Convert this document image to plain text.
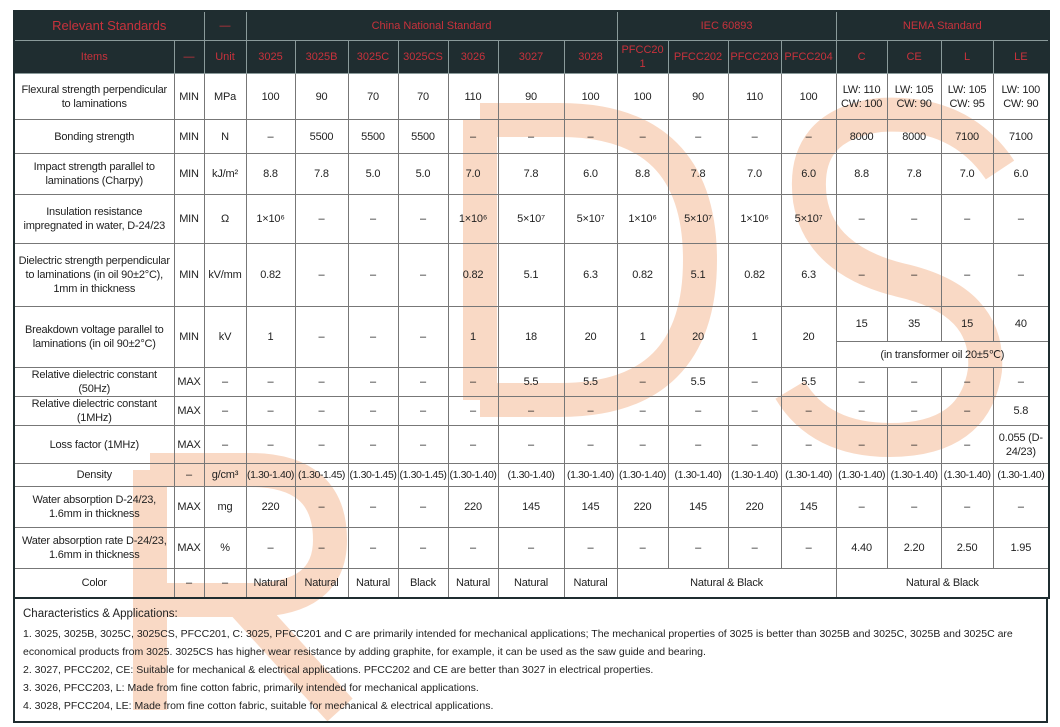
Relevant Standards		—	China National Standard							IEC 60893				NEMA Standard			
Items	—	Unit	3025	3025B	3025C	3025CS	3026	3027	3028	PFCC201	PFCC202	PFCC203	PFCC204	C	CE	L	LE
Flexural strength perpendicular to laminations	MIN	MPa	100	90	70	70	110	90	100	100	90	110	100	LW: 110 CW: 100	LW: 105 CW: 90	LW: 105 CW: 95	LW: 100 CW: 90
Bonding strength	MIN	N	–	5500	5500	5500	–	–	–	–	–	–	–	8000	8000	7100	7100
Impact strength parallel to laminations (Charpy)	MIN	kJ/m²	8.8	7.8	5.0	5.0	7.0	7.8	6.0	8.8	7.8	7.0	6.0	8.8	7.8	7.0	6.0
Insulation resistance impregnated in water, D-24/23	MIN	Ω	1×10⁶	–	–	–	1×10⁶	5×10⁷	5×10⁷	1×10⁶	5×10⁷	1×10⁶	5×10⁷	–	–	–	–
Dielectric strength perpendicular to laminations (in oil 90±2°C), 1mm in thickness	MIN	kV/mm	0.82	–	–	–	0.82	5.1	6.3	0.82	5.1	0.82	6.3	–	–	–	–
Breakdown voltage parallel to laminations (in oil 90±2°C)	MIN	kV	1	–	–	–	1	18	20	1	20	1	20	15	35	15	40
														(in transformer oil 20±5℃)			
Relative dielectric constant (50Hz)	MAX	–	–	–	–	–	–	5.5	5.5	–	5.5	–	5.5	–	–	–	–
Relative dielectric constant (1MHz)	MAX	–	–	–	–	–	–	–	–	–	–	–	–	–	–	–	5.8
Loss factor (1MHz)	MAX	–	–	–	–	–	–	–	–	–	–	–	–	–	–	–	0.055 (D-24/23)
Density	–	g/cm³	(1.30-1.40)	(1.30-1.45)	(1.30-1.45)	(1.30-1.45)	(1.30-1.40)	(1.30-1.40)	(1.30-1.40)	(1.30-1.40)	(1.30-1.40)	(1.30-1.40)	(1.30-1.40)	(1.30-1.40)	(1.30-1.40)	(1.30-1.40)	(1.30-1.40)
Water absorption D-24/23, 1.6mm in thickness	MAX	mg	220	–	–	–	220	145	145	220	145	220	145	–	–	–	–
Water absorption rate D-24/23, 1.6mm in thickness	MAX	%	–	–	–	–	–	–	–	–	–	–	–	4.40	2.20	2.50	1.95
Color	–	–	Natural	Natural	Natural	Black	Natural	Natural	Natural	Natural & Black				Natural & Black			

Characteristics & Applications:

1. 3025, 3025B, 3025C, 3025CS, PFCC201, C: 3025, PFCC201 and C are primarily intended for mechanical applications; The mechanical properties of 3025 is better than 3025B and 3025C, 3025B and 3025C are economical products from 3025. 3025CS has higher wear resistance by adding graphite, for example, it can be used as the saw guide and bearing.

2. 3027, PFCC202, CE: Suitable for mechanical & electrical applications. PFCC202 and CE are better than 3027 in electrical properties.

3. 3026, PFCC203, L: Made from fine cotton fabric, primarily intended for mechanical applications.

4. 3028, PFCC204, LE: Made from fine cotton fabric, suitable for mechanical & electrical applications.
